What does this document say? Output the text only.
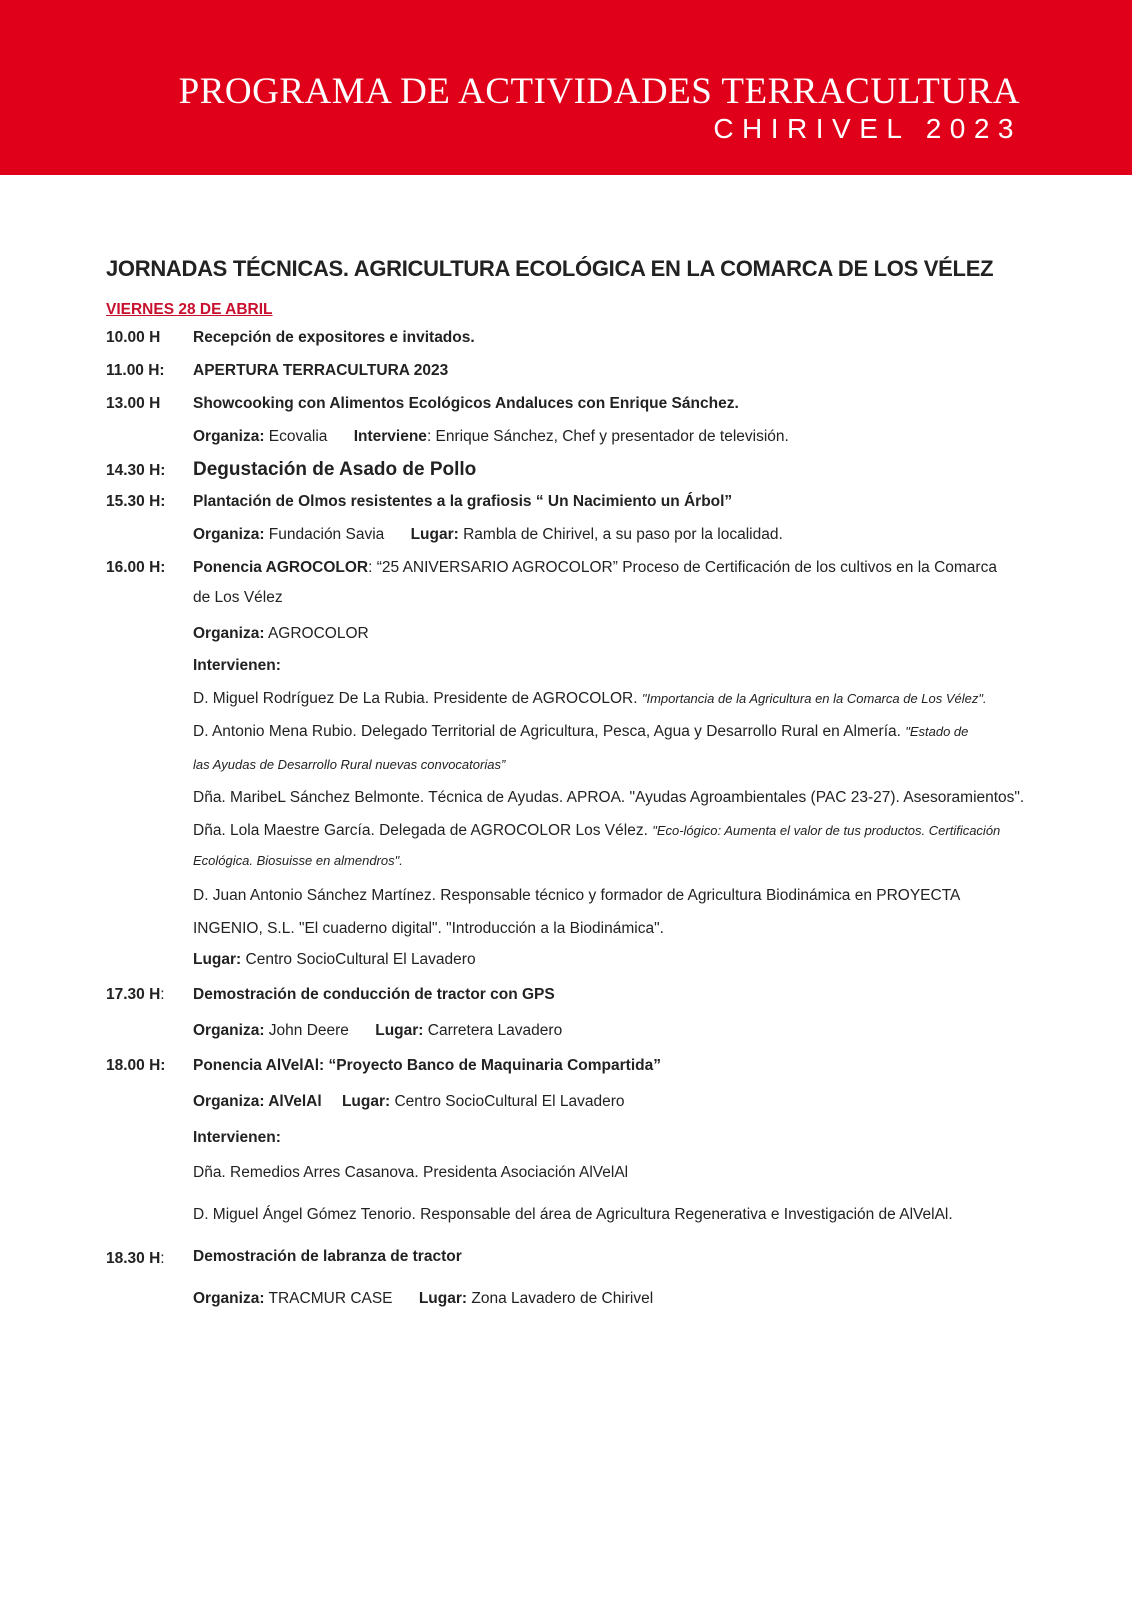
PROGRAMA DE ACTIVIDADES TERRACULTURA
CHIRIVEL 2023
JORNADAS TÉCNICAS. AGRICULTURA ECOLÓGICA EN LA COMARCA DE LOS VÉLEZ
VIERNES 28 DE ABRIL
10.00 H Recepción de expositores e invitados.
11.00 H: APERTURA TERRACULTURA 2023
13.00 H Showcooking con Alimentos Ecológicos Andaluces con Enrique Sánchez.
Organiza: Ecovalia Interviene: Enrique Sánchez, Chef y presentador de televisión.
14.30 H: Degustación de Asado de Pollo
15.30 H: Plantación de Olmos resistentes a la grafiosis “ Un Nacimiento un Árbol”
Organiza: Fundación Savia Lugar: Rambla de Chirivel, a su paso por la localidad.
16.00 H: Ponencia AGROCOLOR: “25 ANIVERSARIO AGROCOLOR” Proceso de Certificación de los cultivos en la Comarca
de Los Vélez
Organiza: AGROCOLOR
Intervienen:
D. Miguel Rodríguez De La Rubia. Presidente de AGROCOLOR. "Importancia de la Agricultura en la Comarca de Los Vélez".
D. Antonio Mena Rubio. Delegado Territorial de Agricultura, Pesca, Agua y Desarrollo Rural en Almería. "Estado de
las Ayudas de Desarrollo Rural nuevas convocatorias”
Dña. MaribeL Sánchez Belmonte. Técnica de Ayudas. APROA. "Ayudas Agroambientales (PAC 23-27). Asesoramientos".
Dña. Lola Maestre García. Delegada de AGROCOLOR Los Vélez. "Eco-lógico: Aumenta el valor de tus productos. Certificación
Ecológica. Biosuisse en almendros".
D. Juan Antonio Sánchez Martínez. Responsable técnico y formador de Agricultura Biodinámica en PROYECTA
INGENIO, S.L. "El cuaderno digital". "Introducción a la Biodinámica".
Lugar: Centro SocioCultural El Lavadero
17.30 H: Demostración de conducción de tractor con GPS
Organiza: John Deere Lugar: Carretera Lavadero
18.00 H: Ponencia AlVelAl: “Proyecto Banco de Maquinaria Compartida”
Organiza: AlVelAl Lugar: Centro SocioCultural El Lavadero
Intervienen:
Dña. Remedios Arres Casanova. Presidenta Asociación AlVelAl
D. Miguel Ángel Gómez Tenorio. Responsable del área de Agricultura Regenerativa e Investigación de AlVelAl.
18.30 H: Demostración de labranza de tractor
Organiza: TRACMUR CASE Lugar: Zona Lavadero de Chirivel
